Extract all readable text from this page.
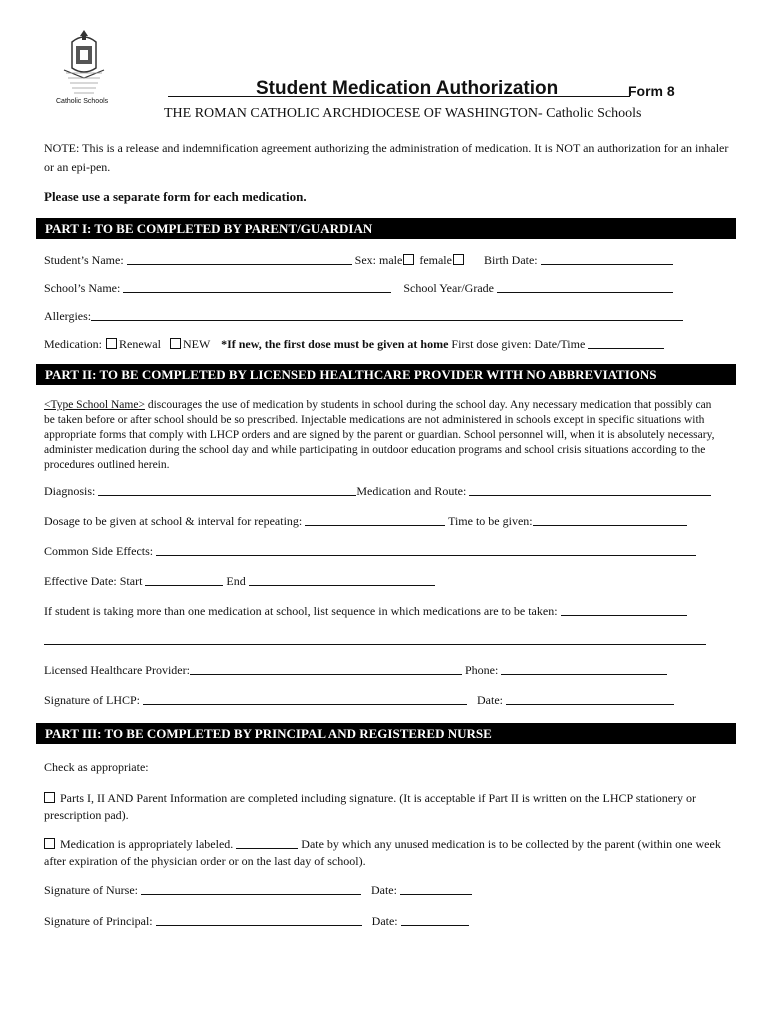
Catholic Schools
Student Medication Authorization	Form 8
THE ROMAN CATHOLIC ARCHDIOCESE OF WASHINGTON- Catholic Schools
NOTE: This is a release and indemnification agreement authorizing the administration of medication. It is NOT an authorization for an inhaler or an epi-pen.
Please use a separate form for each medication.
PART I: TO BE COMPLETED BY PARENT/GUARDIAN
Student’s Name:	Sex: male female	Birth Date:
School’s Name:	School Year/Grade
Allergies:
Medication: Renewal NEW *If new, the first dose must be given at home First dose given: Date/Time
PART II: TO BE COMPLETED BY LICENSED HEALTHCARE PROVIDER WITH NO ABBREVIATIONS
<Type School Name> discourages the use of medication by students in school during the school day. Any necessary medication that possibly can be taken before or after school should be so prescribed. Injectable medications are not administered in schools except in specific situations with appropriate forms that comply with LHCP orders and are signed by the parent or guardian. School personnel will, when it is absolutely necessary, administer medication during the school day and while participating in outdoor education programs and school crisis situations according to the procedures outlined herein.
Diagnosis:	Medication and Route:
Dosage to be given at school & interval for repeating:	Time to be given:
Common Side Effects:
Effective Date: Start	End
If student is taking more than one medication at school, list sequence in which medications are to be taken:
Licensed Healthcare Provider:	Phone:
Signature of LHCP:	Date:
PART III: TO BE COMPLETED BY PRINCIPAL AND REGISTERED NURSE
Check as appropriate:
Parts I, II AND Parent Information are completed including signature. (It is acceptable if Part II is written on the LHCP stationery or prescription pad).
Medication is appropriately labeled.	Date by which any unused medication is to be collected by the parent (within one week after expiration of the physician order or on the last day of school).
Signature of Nurse:	Date:
Signature of Principal:	Date:
